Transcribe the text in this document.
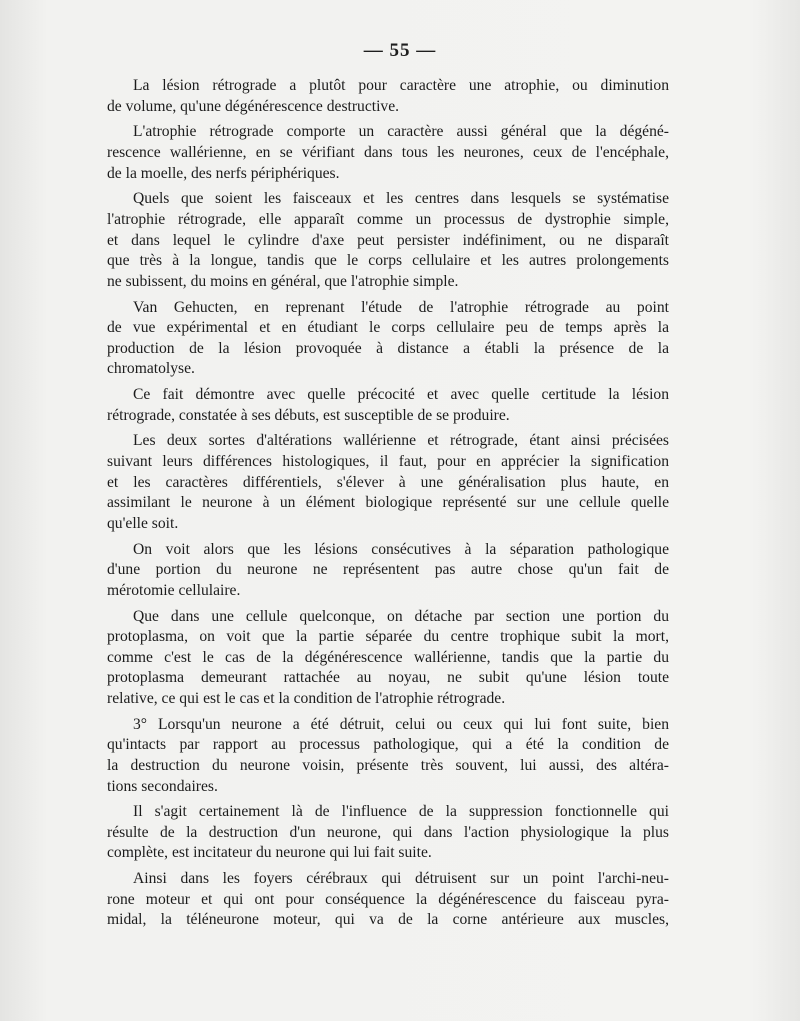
— 55 —
La lésion rétrograde a plutôt pour caractère une atrophie, ou diminution
de volume, qu'une dégénérescence destructive.
L'atrophie rétrograde comporte un caractère aussi général que la dégéné-
rescence wallérienne, en se vérifiant dans tous les neurones, ceux de l'encéphale,
de la moelle, des nerfs périphériques.
Quels que soient les faisceaux et les centres dans lesquels se systématise
l'atrophie rétrograde, elle apparaît comme un processus de dystrophie simple,
et dans lequel le cylindre d'axe peut persister indéfiniment, ou ne disparaît
que très à la longue, tandis que le corps cellulaire et les autres prolongements
ne subissent, du moins en général, que l'atrophie simple.
Van Gehucten, en reprenant l'étude de l'atrophie rétrograde au point
de vue expérimental et en étudiant le corps cellulaire peu de temps après la
production de la lésion provoquée à distance a établi la présence de la
chromatolyse.
Ce fait démontre avec quelle précocité et avec quelle certitude la lésion
rétrograde, constatée à ses débuts, est susceptible de se produire.
Les deux sortes d'altérations wallérienne et rétrograde, étant ainsi précisées
suivant leurs différences histologiques, il faut, pour en apprécier la signification
et les caractères différentiels, s'élever à une généralisation plus haute, en
assimilant le neurone à un élément biologique représenté sur une cellule quelle
qu'elle soit.
On voit alors que les lésions consécutives à la séparation pathologique
d'une portion du neurone ne représentent pas autre chose qu'un fait de
mérotomie cellulaire.
Que dans une cellule quelconque, on détache par section une portion du
protoplasma, on voit que la partie séparée du centre trophique subit la mort,
comme c'est le cas de la dégénérescence wallérienne, tandis que la partie du
protoplasma demeurant rattachée au noyau, ne subit qu'une lésion toute
relative, ce qui est le cas et la condition de l'atrophie rétrograde.
3° Lorsqu'un neurone a été détruit, celui ou ceux qui lui font suite, bien
qu'intacts par rapport au processus pathologique, qui a été la condition de
la destruction du neurone voisin, présente très souvent, lui aussi, des altéra-
tions secondaires.
Il s'agit certainement là de l'influence de la suppression fonctionnelle qui
résulte de la destruction d'un neurone, qui dans l'action physiologique la plus
complète, est incitateur du neurone qui lui fait suite.
Ainsi dans les foyers cérébraux qui détruisent sur un point l'archi-neu-
rone moteur et qui ont pour conséquence la dégénérescence du faisceau pyra-
midal, la téléneurone moteur, qui va de la corne antérieure aux muscles,
